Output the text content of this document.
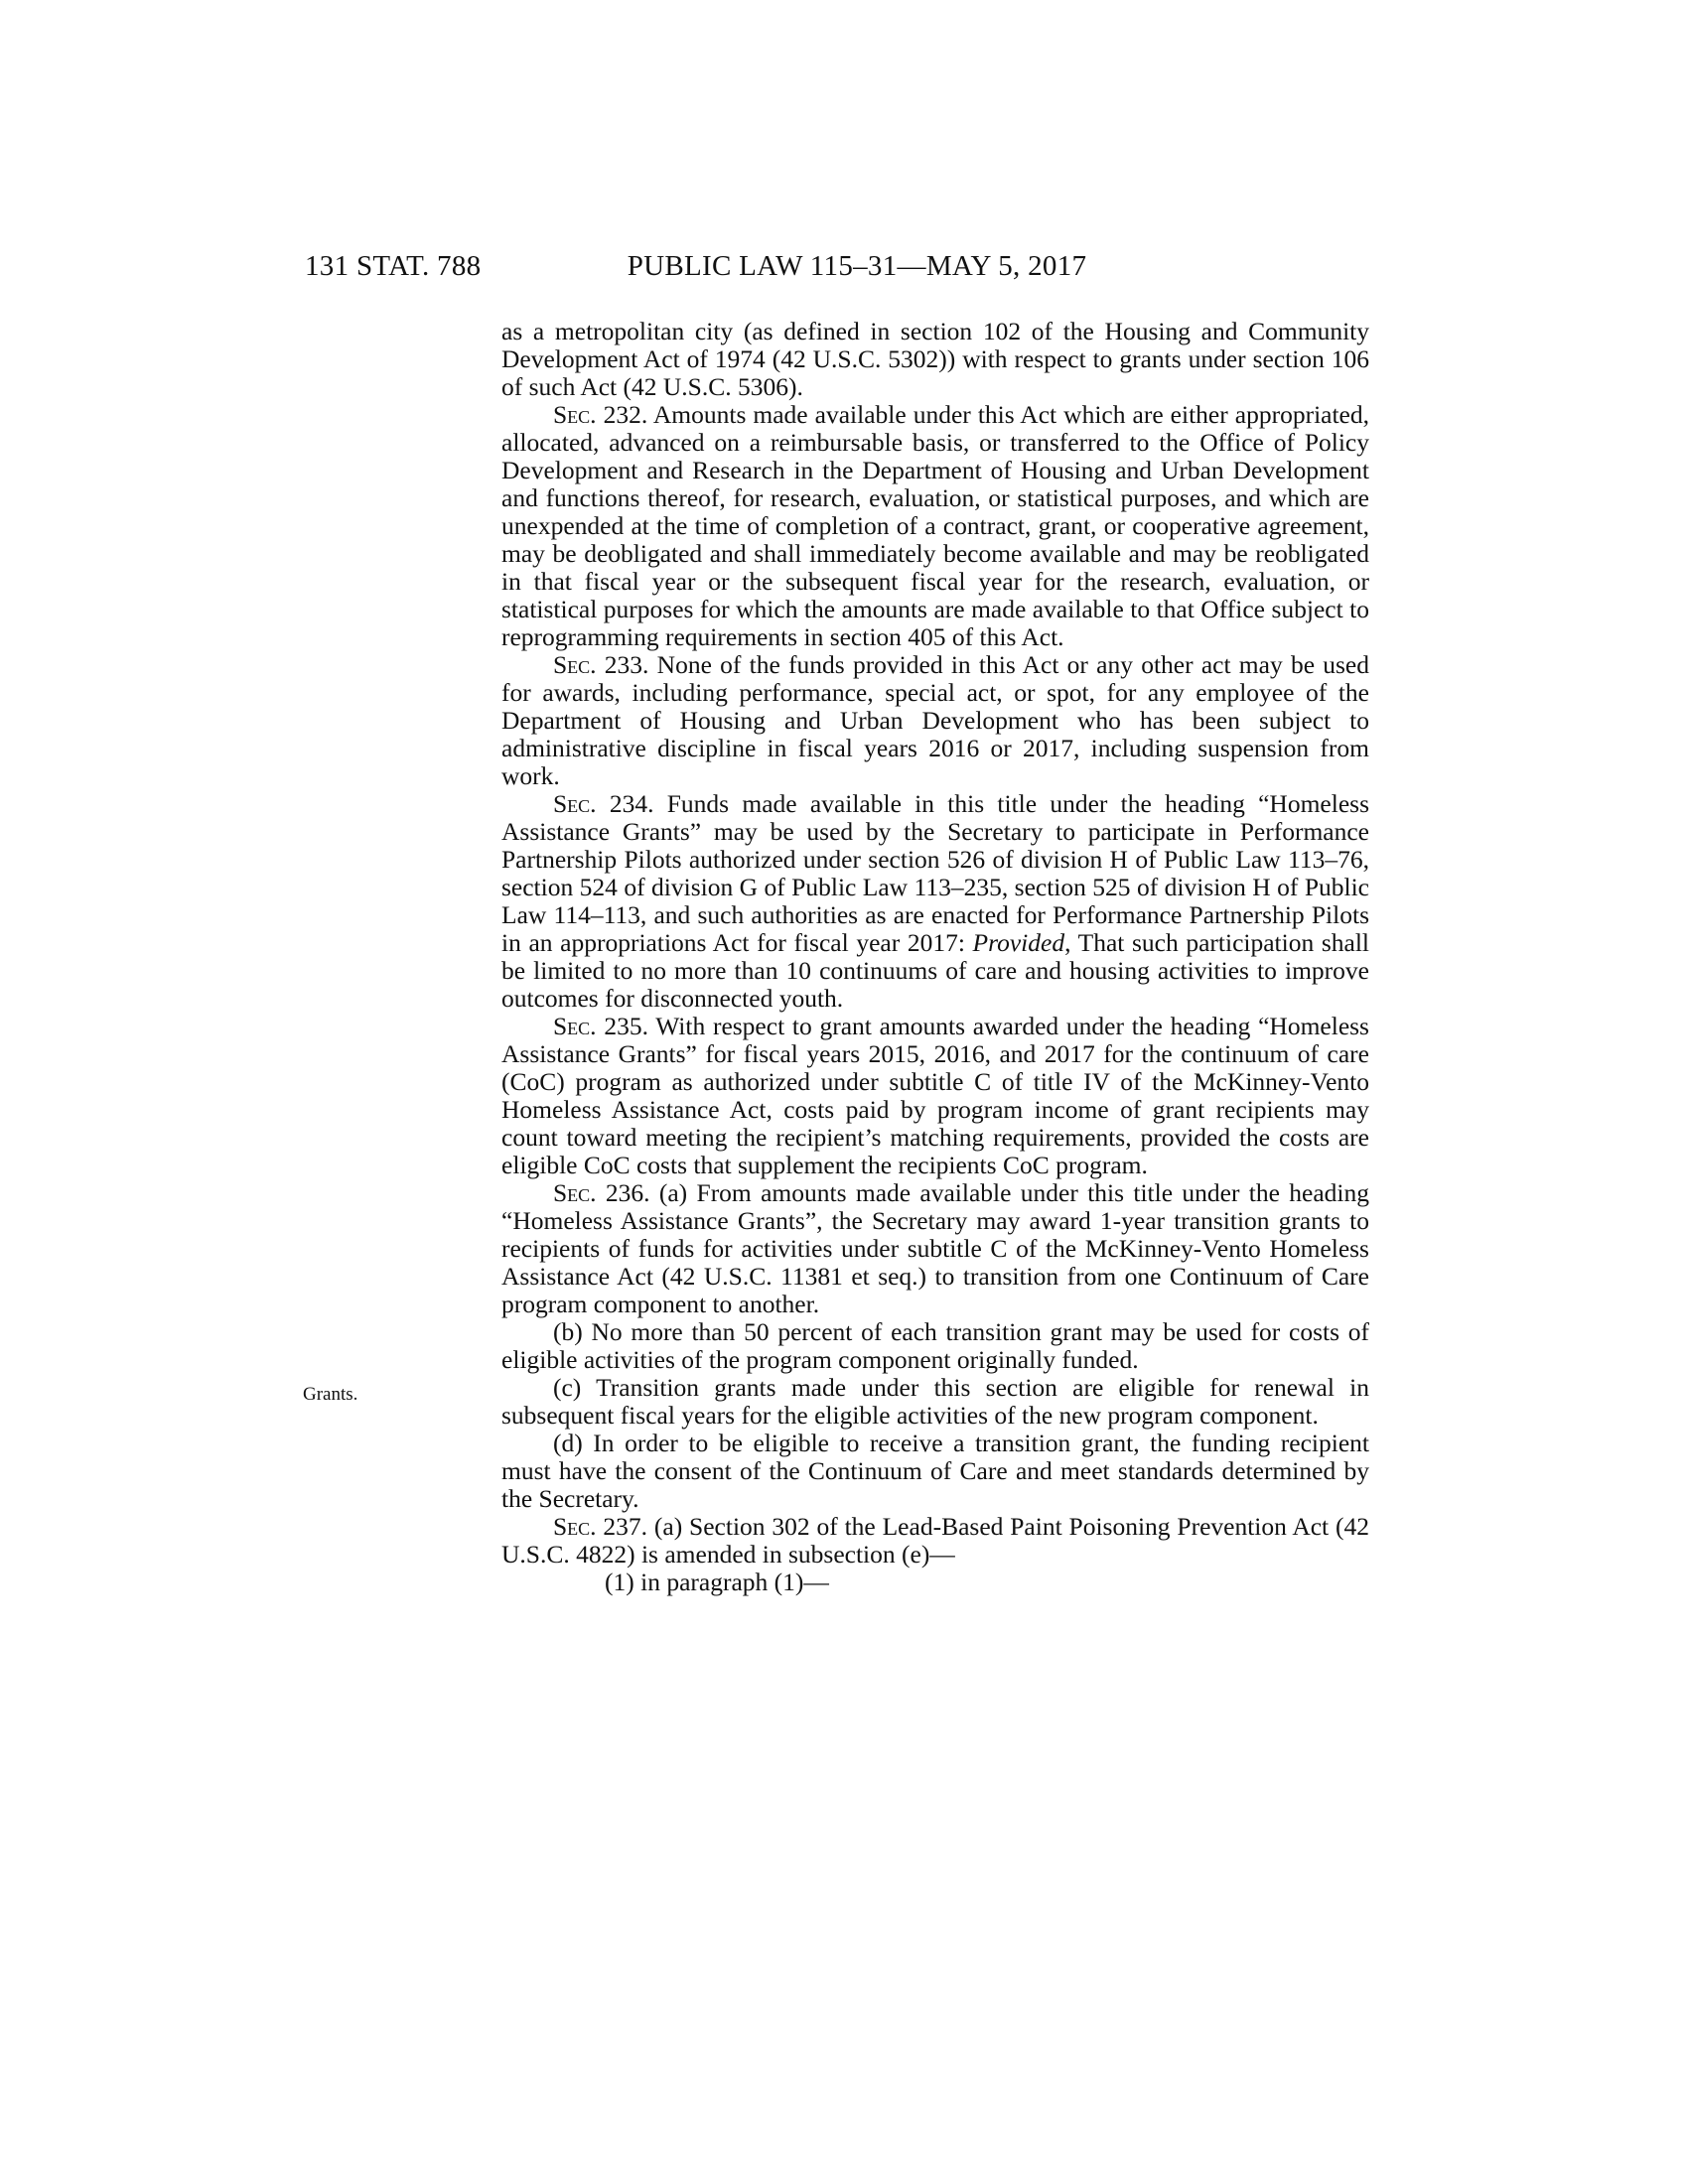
131 STAT. 788	PUBLIC LAW 115–31—MAY 5, 2017
Grants.

as a metropolitan city (as defined in section 102 of the Housing and Community Development Act of 1974 (42 U.S.C. 5302)) with respect to grants under section 106 of such Act (42 U.S.C. 5306).

Sec. 232. Amounts made available under this Act which are either appropriated, allocated, advanced on a reimbursable basis, or transferred to the Office of Policy Development and Research in the Department of Housing and Urban Development and functions thereof, for research, evaluation, or statistical purposes, and which are unexpended at the time of completion of a contract, grant, or cooperative agreement, may be deobligated and shall immediately become available and may be reobligated in that fiscal year or the subsequent fiscal year for the research, evaluation, or statistical purposes for which the amounts are made available to that Office subject to reprogramming requirements in section 405 of this Act.

Sec. 233. None of the funds provided in this Act or any other act may be used for awards, including performance, special act, or spot, for any employee of the Department of Housing and Urban Development who has been subject to administrative discipline in fiscal years 2016 or 2017, including suspension from work.

Sec. 234. Funds made available in this title under the heading “Homeless Assistance Grants” may be used by the Secretary to participate in Performance Partnership Pilots authorized under section 526 of division H of Public Law 113–76, section 524 of division G of Public Law 113–235, section 525 of division H of Public Law 114–113, and such authorities as are enacted for Performance Partnership Pilots in an appropriations Act for fiscal year 2017: Provided, That such participation shall be limited to no more than 10 continuums of care and housing activities to improve outcomes for disconnected youth.

Sec. 235. With respect to grant amounts awarded under the heading “Homeless Assistance Grants” for fiscal years 2015, 2016, and 2017 for the continuum of care (CoC) program as authorized under subtitle C of title IV of the McKinney-Vento Homeless Assistance Act, costs paid by program income of grant recipients may count toward meeting the recipient’s matching requirements, provided the costs are eligible CoC costs that supplement the recipients CoC program.

Sec. 236. (a) From amounts made available under this title under the heading “Homeless Assistance Grants”, the Secretary may award 1-year transition grants to recipients of funds for activities under subtitle C of the McKinney-Vento Homeless Assistance Act (42 U.S.C. 11381 et seq.) to transition from one Continuum of Care program component to another.

(b) No more than 50 percent of each transition grant may be used for costs of eligible activities of the program component originally funded.

(c) Transition grants made under this section are eligible for renewal in subsequent fiscal years for the eligible activities of the new program component.

(d) In order to be eligible to receive a transition grant, the funding recipient must have the consent of the Continuum of Care and meet standards determined by the Secretary.

Sec. 237. (a) Section 302 of the Lead-Based Paint Poisoning Prevention Act (42 U.S.C. 4822) is amended in subsection (e)—

(1) in paragraph (1)—
